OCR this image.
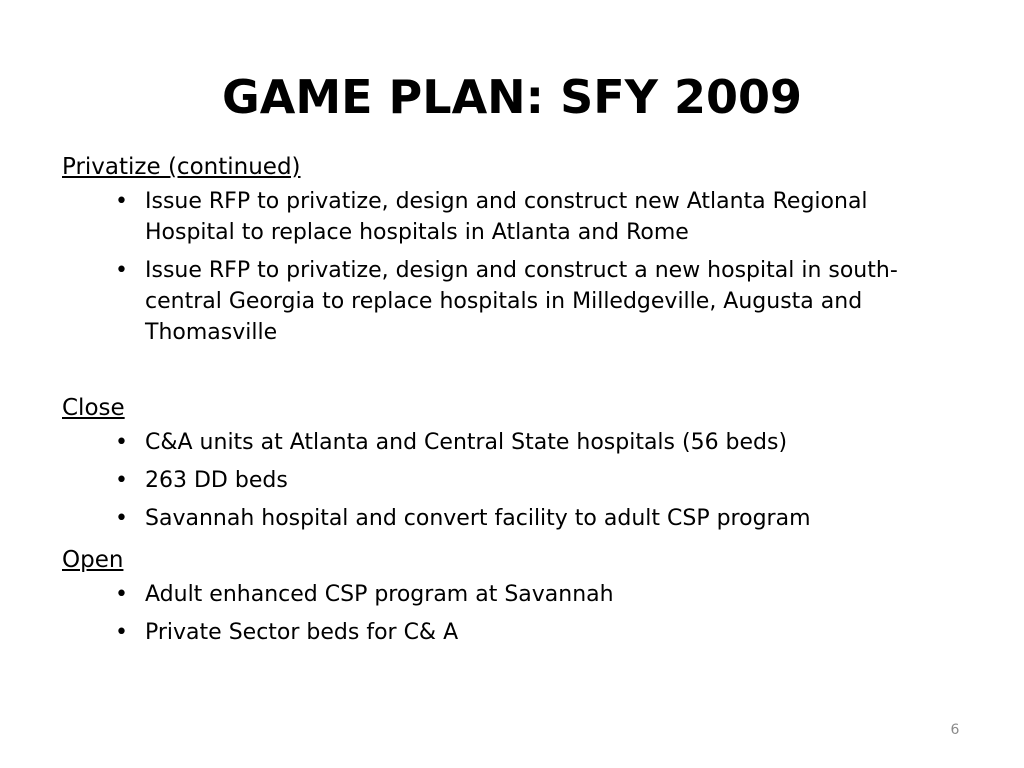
GAME PLAN: SFY 2009

Privatize (continued)

• Issue RFP to privatize, design and construct new Atlanta Regional Hospital to replace hospitals in Atlanta and Rome
• Issue RFP to privatize, design and construct a new hospital in south-central Georgia to replace hospitals in Milledgeville, Augusta and Thomasville

Close

• C&A units at Atlanta and Central State hospitals (56 beds)
• 263 DD beds
• Savannah hospital and convert facility to adult CSP program

Open

• Adult enhanced CSP program at Savannah
• Private Sector beds for C& A
6
